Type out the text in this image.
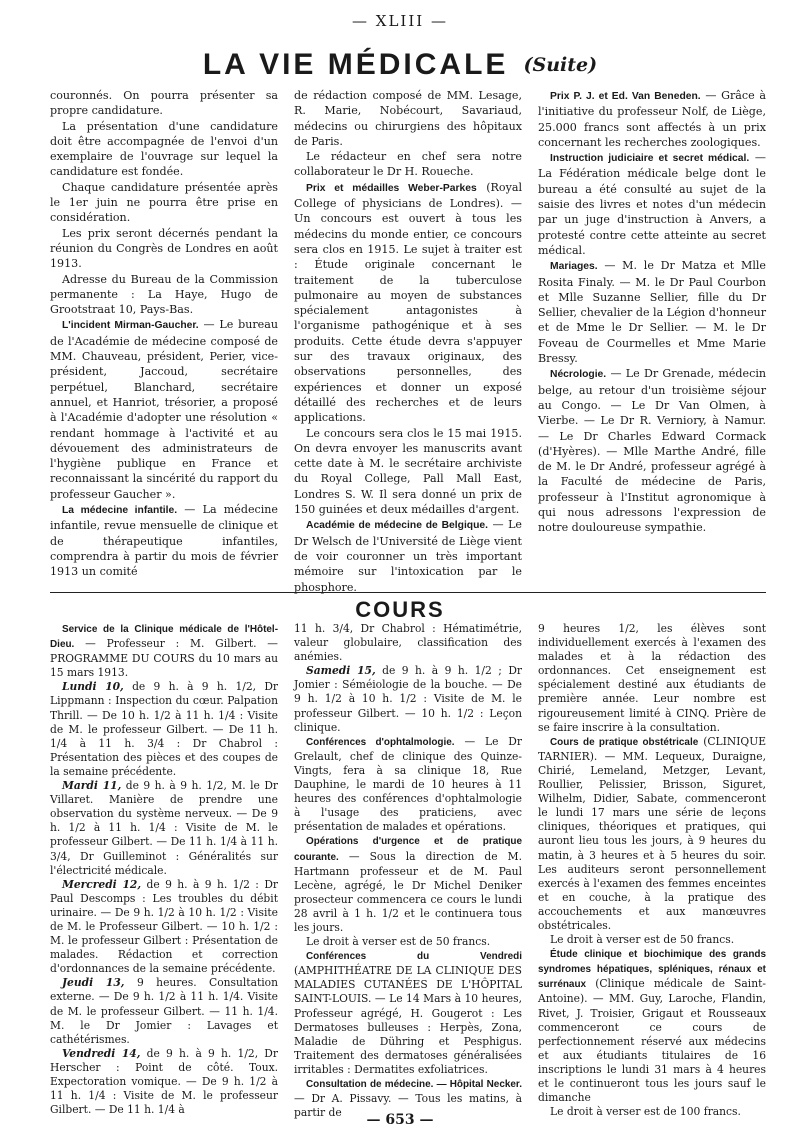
— XLIII —
LA VIE MÉDICALE (Suite)

couronnés. On pourra présenter sa propre candidature.

La présentation d'une candidature doit être accompagnée de l'envoi d'un exemplaire de l'ouvrage sur lequel la candidature est fondée.

Chaque candidature présentée après le 1er juin ne pourra être prise en considération.

Les prix seront décernés pendant la réunion du Congrès de Londres en août 1913.

Adresse du Bureau de la Commission permanente : La Haye, Hugo de Grootstraat 10, Pays-Bas.

L'incident Mirman-Gaucher. — Le bureau de l'Académie de médecine composé de MM. Chauveau, président, Perier, vice-président, Jaccoud, secrétaire perpétuel, Blanchard, secrétaire annuel, et Hanriot, trésorier, a proposé à l'Académie d'adopter une résolution « rendant hommage à l'activité et au dévouement des administrateurs de l'hygiène publique en France et reconnaissant la sincérité du rapport du professeur Gaucher ».

La médecine infantile. — La médecine infantile, revue mensuelle de clinique et de thérapeutique infantiles, comprendra à partir du mois de février 1913 un comité

de rédaction composé de MM. Lesage, R. Marie, Nobécourt, Savariaud, médecins ou chirurgiens des hôpitaux de Paris.

Le rédacteur en chef sera notre collaborateur le Dr H. Roueche.

Prix et médailles Weber-Parkes (Royal College of physicians de Londres). — Un concours est ouvert à tous les médecins du monde entier, ce concours sera clos en 1915. Le sujet à traiter est : Étude originale concernant le traitement de la tuberculose pulmonaire au moyen de substances spécialement antagonistes à l'organisme pathogénique et à ses produits. Cette étude devra s'appuyer sur des travaux originaux, des observations personnelles, des expériences et donner un exposé détaillé des recherches et de leurs applications.

Le concours sera clos le 15 mai 1915. On devra envoyer les manuscrits avant cette date à M. le secrétaire archiviste du Royal College, Pall Mall East, Londres S. W. Il sera donné un prix de 150 guinées et deux médailles d'argent.

Académie de médecine de Belgique. — Le Dr Welsch de l'Université de Liège vient de voir couronner un très important mémoire sur l'intoxication par le phosphore.

Prix P. J. et Ed. Van Beneden. — Grâce à l'initiative du professeur Nolf, de Liège, 25.000 francs sont affectés à un prix concernant les recherches zoologiques.

Instruction judiciaire et secret médical. — La Fédération médicale belge dont le bureau a été consulté au sujet de la saisie des livres et notes d'un médecin par un juge d'instruction à Anvers, a protesté contre cette atteinte au secret médical.

Mariages. — M. le Dr Matza et Mlle Rosita Finaly. — M. le Dr Paul Courbon et Mlle Suzanne Sellier, fille du Dr Sellier, chevalier de la Légion d'honneur et de Mme le Dr Sellier. — M. le Dr Foveau de Courmelles et Mme Marie Bressy.

Nécrologie. — Le Dr Grenade, médecin belge, au retour d'un troisième séjour au Congo. — Le Dr Van Olmen, à Vierbe. — Le Dr R. Verniory, à Namur. — Le Dr Charles Edward Cormack (d'Hyères). — Mlle Marthe André, fille de M. le Dr André, professeur agrégé à la Faculté de médecine de Paris, professeur à l'Institut agronomique à qui nous adressons l'expression de notre douloureuse sympathie.

COURS

Service de la Clinique médicale de l'Hôtel-Dieu. — Professeur : M. Gilbert. — PROGRAMME DU COURS du 10 mars au 15 mars 1913.

Lundi 10, de 9 h. à 9 h. 1/2, Dr Lippmann : Inspection du cœur. Palpation Thrill. — De 10 h. 1/2 à 11 h. 1/4 : Visite de M. le professeur Gilbert. — De 11 h. 1/4 à 11 h. 3/4 : Dr Chabrol : Présentation des pièces et des coupes de la semaine précédente.

Mardi 11, de 9 h. à 9 h. 1/2, M. le Dr Villaret. Manière de prendre une observation du système nerveux. — De 9 h. 1/2 à 11 h. 1/4 : Visite de M. le professeur Gilbert. — De 11 h. 1/4 à 11 h. 3/4, Dr Guilleminot : Généralités sur l'électricité médicale.

Mercredi 12, de 9 h. à 9 h. 1/2 : Dr Paul Descomps : Les troubles du débit urinaire. — De 9 h. 1/2 à 10 h. 1/2 : Visite de M. le Professeur Gilbert. — 10 h. 1/2 : M. le professeur Gilbert : Présentation de malades. Rédaction et correction d'ordonnances de la semaine précédente.

Jeudi 13, 9 heures. Consultation externe. — De 9 h. 1/2 à 11 h. 1/4. Visite de M. le professeur Gilbert. — 11 h. 1/4. M. le Dr Jomier : Lavages et cathétérismes.

Vendredi 14, de 9 h. à 9 h. 1/2, Dr Herscher : Point de côté. Toux. Expectoration vomique. — De 9 h. 1/2 à 11 h. 1/4 : Visite de M. le professeur Gilbert. — De 11 h. 1/4 à

11 h. 3/4, Dr Chabrol : Hématimétrie, valeur globulaire, classification des anémies.

Samedi 15, de 9 h. à 9 h. 1/2 ; Dr Jomier : Séméiologie de la bouche. — De 9 h. 1/2 à 10 h. 1/2 : Visite de M. le professeur Gilbert. — 10 h. 1/2 : Leçon clinique.

Conférences d'ophtalmologie. — Le Dr Grelault, chef de clinique des Quinze-Vingts, fera à sa clinique 18, Rue Dauphine, le mardi de 10 heures à 11 heures des conférences d'ophtalmologie à l'usage des praticiens, avec présentation de malades et opérations.

Opérations d'urgence et de pratique courante. — Sous la direction de M. Hartmann professeur et de M. Paul Lecène, agrégé, le Dr Michel Deniker prosecteur commencera ce cours le lundi 28 avril à 1 h. 1/2 et le continuera tous les jours.

Le droit à verser est de 50 francs.

Conférences du Vendredi (AMPHITHÉATRE DE LA CLINIQUE DES MALADIES CUTANÉES DE L'HÔPITAL SAINT-LOUIS. — Le 14 Mars à 10 heures, Professeur agrégé, H. Gougerot : Les Dermatoses bulleuses : Herpès, Zona, Maladie de Dühring et Pesphigus. Traitement des dermatoses généralisées irritables : Dermatites exfoliatrices.

Consultation de médecine. — Hôpital Necker. — Dr A. Pissavy. — Tous les matins, à partir de

9 heures 1/2, les élèves sont individuellement exercés à l'examen des malades et à la rédaction des ordonnances. Cet enseignement est spécialement destiné aux étudiants de première année. Leur nombre est rigoureusement limité à CINQ. Prière de se faire inscrire à la consultation.

Cours de pratique obstétricale (CLINIQUE TARNIER). — MM. Lequeux, Duraigne, Chirié, Lemeland, Metzger, Levant, Roullier, Pelissier, Brisson, Siguret, Wilhelm, Didier, Sabate, commenceront le lundi 17 mars une série de leçons cliniques, théoriques et pratiques, qui auront lieu tous les jours, à 9 heures du matin, à 3 heures et à 5 heures du soir. Les auditeurs seront personnellement exercés à l'examen des femmes enceintes et en couche, à la pratique des accouchements et aux manœuvres obstétricales.

Le droit à verser est de 50 francs.

Étude clinique et biochimique des grands syndromes hépatiques, spléniques, rénaux et surrénaux (Clinique médicale de Saint-Antoine). — MM. Guy, Laroche, Flandin, Rivet, J. Troisier, Grigaut et Rousseaux commenceront ce cours de perfectionnement réservé aux médecins et aux étudiants titulaires de 16 inscriptions le lundi 31 mars à 4 heures et le continueront tous les jours sauf le dimanche

Le droit à verser est de 100 francs.

— 653 —
